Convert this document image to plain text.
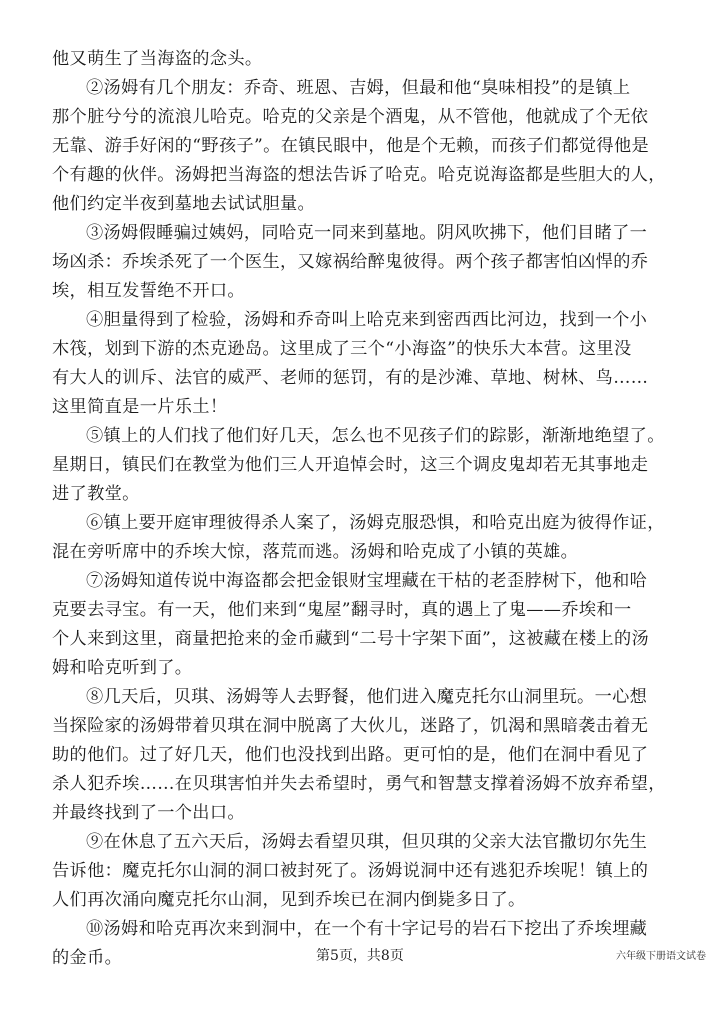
他又萌生了当海盗的念头。
②汤姆有几个朋友：乔奇、班恩、吉姆，但最和他“臭味相投”的是镇上
那个脏兮兮的流浪儿哈克。哈克的父亲是个酒鬼，从不管他，他就成了个无依
无靠、游手好闲的“野孩子”。在镇民眼中，他是个无赖，而孩子们都觉得他是
个有趣的伙伴。汤姆把当海盗的想法告诉了哈克。哈克说海盗都是些胆大的人，
他们约定半夜到墓地去试试胆量。
③汤姆假睡骗过姨妈，同哈克一同来到墓地。阴风吹拂下，他们目睹了一
场凶杀：乔埃杀死了一个医生，又嫁祸给醉鬼彼得。两个孩子都害怕凶悍的乔
埃，相互发誓绝不开口。
④胆量得到了检验，汤姆和乔奇叫上哈克来到密西西比河边，找到一个小
木筏，划到下游的杰克逊岛。这里成了三个“小海盗”的快乐大本营。这里没
有大人的训斥、法官的威严、老师的惩罚，有的是沙滩、草地、树林、鸟……
这里简直是一片乐土！
⑤镇上的人们找了他们好几天，怎么也不见孩子们的踪影，渐渐地绝望了。
星期日，镇民们在教堂为他们三人开追悼会时，这三个调皮鬼却若无其事地走
进了教堂。
⑥镇上要开庭审理彼得杀人案了，汤姆克服恐惧，和哈克出庭为彼得作证，
混在旁听席中的乔埃大惊，落荒而逃。汤姆和哈克成了小镇的英雄。
⑦汤姆知道传说中海盗都会把金银财宝埋藏在干枯的老歪脖树下，他和哈
克要去寻宝。有一天，他们来到“鬼屋”翻寻时，真的遇上了鬼——乔埃和一
个人来到这里，商量把抢来的金币藏到“二号十字架下面”，这被藏在楼上的汤
姆和哈克听到了。
⑧几天后，贝琪、汤姆等人去野餐，他们进入魔克托尔山洞里玩。一心想
当探险家的汤姆带着贝琪在洞中脱离了大伙儿，迷路了，饥渴和黑暗袭击着无
助的他们。过了好几天，他们也没找到出路。更可怕的是，他们在洞中看见了
杀人犯乔埃……在贝琪害怕并失去希望时，勇气和智慧支撑着汤姆不放弃希望，
并最终找到了一个出口。
⑨在休息了五六天后，汤姆去看望贝琪，但贝琪的父亲大法官撒切尔先生
告诉他：魔克托尔山洞的洞口被封死了。汤姆说洞中还有逃犯乔埃呢！镇上的
人们再次涌向魔克托尔山洞，见到乔埃已在洞内倒毙多日了。
⑩汤姆和哈克再次来到洞中，在一个有十字记号的岩石下挖出了乔埃埋藏
的金币。	第5页，共8页	六年级下册语文试卷
